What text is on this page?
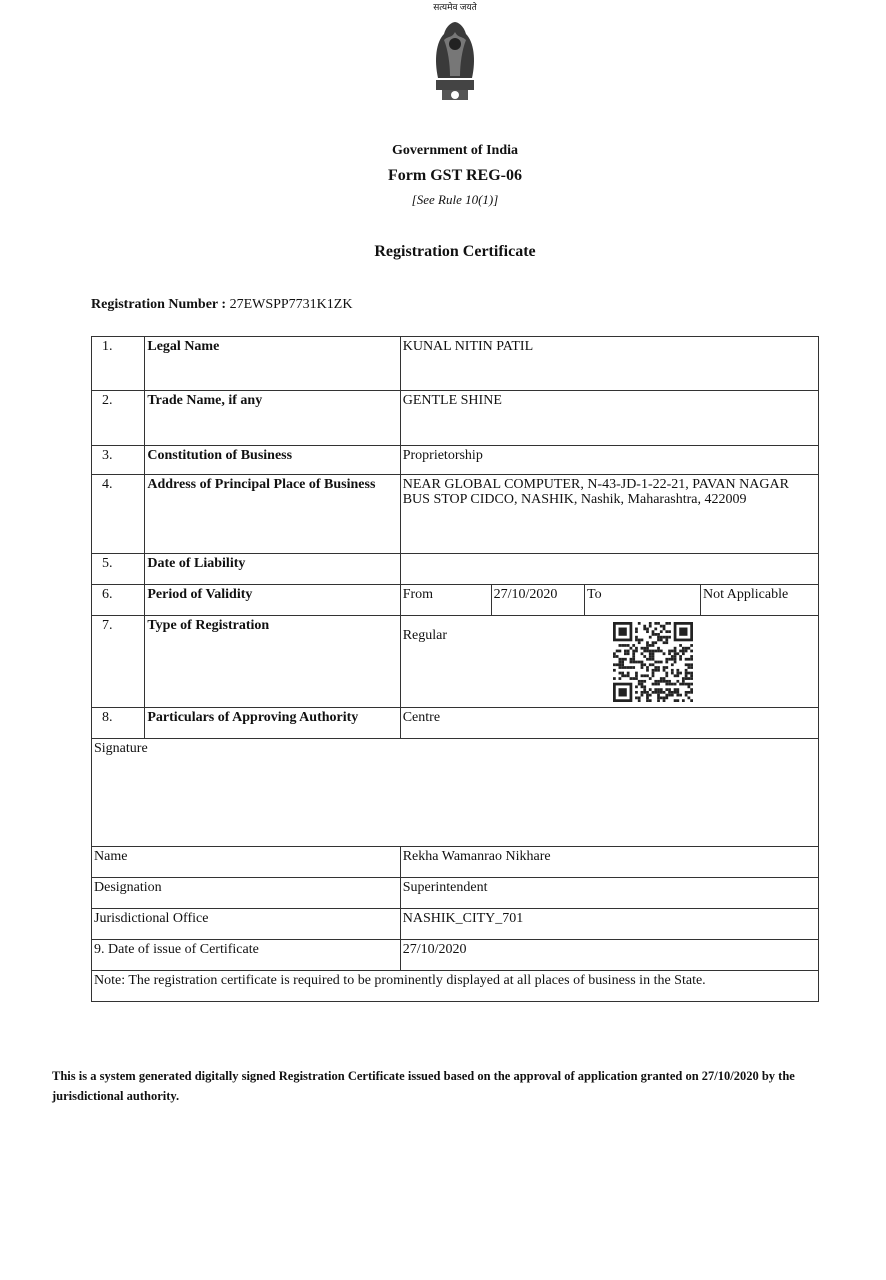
सत्यमेव जयते
Government of India
Form GST REG-06
[See Rule 10(1)]
Registration Certificate
Registration Number : 27EWSPP7731K1ZK
1.	Legal Name	KUNAL NITIN PATIL			
2.	Trade Name, if any	GENTLE SHINE			
3.	Constitution of Business	Proprietorship			
4.	Address of Principal Place of Business	NEAR GLOBAL COMPUTER, N-43-JD-1-22-21, PAVAN NAGAR BUS STOP CIDCO, NASHIK, Nashik, Maharashtra, 422009			
5.	Date of Liability				
6.	Period of Validity	From	27/10/2020	To	Not Applicable
7.	Type of Registration	Regular			
8.	Particulars of Approving Authority	Centre			
Signature					
Name		Rekha Wamanrao Nikhare			
Designation		Superintendent			
Jurisdictional Office		NASHIK_CITY_701			
9. Date of issue of Certificate		27/10/2020			
Note: The registration certificate is required to be prominently displayed at all places of business in the State.					
This is a system generated digitally signed Registration Certificate issued based on the approval of application granted on 27/10/2020 by the jurisdictional authority.
